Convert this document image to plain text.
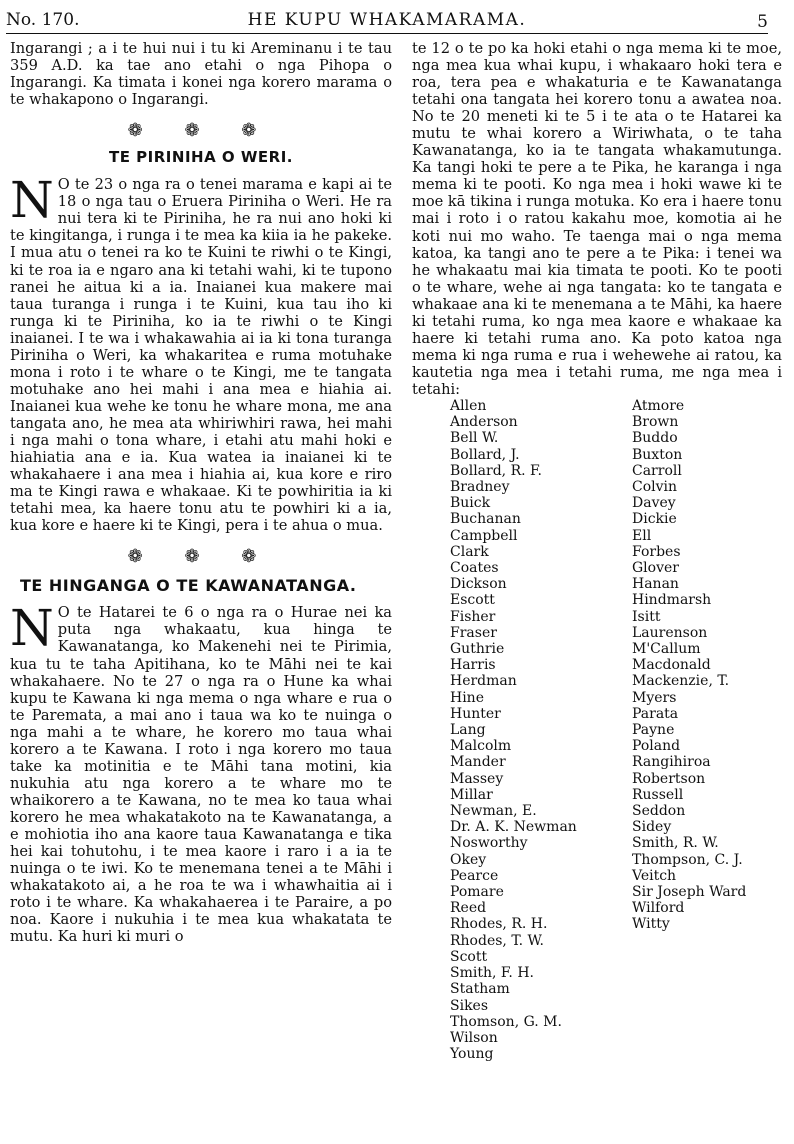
No. 170.	HE KUPU WHAKAMARAMA.	5

Ingarangi ; a i te hui nui i tu ki Areminanu i te tau 359 A.D. ka tae ano etahi o nga Pihopa o Ingarangi. Ka timata i konei nga korero marama o te whakapono o Ingarangi.

❁ ❁ ❁
TE PIRINIHA O WERI.

N O te 23 o nga ra o tenei marama e kapi ai te 18 o nga tau o Eruera Piriniha o Weri. He ra nui tera ki te Piriniha, he ra nui ano hoki ki te kingitanga, i runga i te mea ka kiia ia he pakeke. I mua atu o tenei ra ko te Kuini te riwhi o te Kingi, ki te roa ia e ngaro ana ki tetahi wahi, ki te tupono ranei he aitua ki a ia. Inaianei kua makere mai taua turanga i runga i te Kuini, kua tau iho ki runga ki te Piriniha, ko ia te riwhi o te Kingi inaianei. I te wa i whakawahia ai ia ki tona turanga Piriniha o Weri, ka whakaritea e ruma motuhake mona i roto i te whare o te Kingi, me te tangata motuhake ano hei mahi i ana mea e hiahia ai. Inaianei kua wehe ke tonu he whare mona, me ana tangata ano, he mea ata whiriwhiri rawa, hei mahi i nga mahi o tona whare, i etahi atu mahi hoki e hiahiatia ana e ia. Kua watea ia inaianei ki te whakahaere i ana mea i hiahia ai, kua kore e riro ma te Kingi rawa e whakaae. Ki te powhiritia ia ki tetahi mea, ka haere tonu atu te powhiri ki a ia, kua kore e haere ki te Kingi, pera i te ahua o mua.

❁ ❁ ❁
TE HINGANGA O TE KAWANATANGA.

N O te Hatarei te 6 o nga ra o Hurae nei ka puta nga whakaatu, kua hinga te Kawanatanga, ko Makenehi nei te Pirimia, kua tu te taha Apitihana, ko te Māhi nei te kai whakahaere. No te 27 o nga ra o Hune ka whai kupu te Kawana ki nga mema o nga whare e rua o te Paremata, a mai ano i taua wa ko te nuinga o nga mahi a te whare, he korero mo taua whai korero a te Kawana. I roto i nga korero mo taua take ka motinitia e te Māhi tana motini, kia nukuhia atu nga korero a te whare mo te whaikorero a te Kawana, no te mea ko taua whai korero he mea whakatakoto na te Kawanatanga, a e mohiotia iho ana kaore taua Kawanatanga e tika hei kai tohutohu, i te mea kaore i raro i a ia te nuinga o te iwi. Ko te menemana tenei a te Māhi i whakatakoto ai, a he roa te wa i whawhaitia ai i roto i te whare. Ka whakahaerea i te Paraire, a po noa. Kaore i nukuhia i te mea kua whakatata te mutu. Ka huri ki muri o

te 12 o te po ka hoki etahi o nga mema ki te moe, nga mea kua whai kupu, i whakaaro hoki tera e roa, tera pea e whakaturia e te Kawanatanga tetahi ona tangata hei korero tonu a awatea noa. No te 20 meneti ki te 5 i te ata o te Hatarei ka mutu te whai korero a Wiriwhata, o te taha Kawanatanga, ko ia te tangata whakamutunga. Ka tangi hoki te pere a te Pika, he karanga i nga mema ki te pooti. Ko nga mea i hoki wawe ki te moe kā tikina i runga motuka. Ko era i haere tonu mai i roto i o ratou kakahu moe, komotia ai he koti nui mo waho. Te taenga mai o nga mema katoa, ka tangi ano te pere a te Pika: i tenei wa he whakaatu mai kia timata te pooti. Ko te pooti o te whare, wehe ai nga tangata: ko te tangata e whakaae ana ki te menemana a te Māhi, ka haere ki tetahi ruma, ko nga mea kaore e whakaae ka haere ki tetahi ruma ano. Ka poto katoa nga mema ki nga ruma e rua i wehewehe ai ratou, ka kautetia nga mea i tetahi ruma, me nga mea i tetahi:

Allen
Anderson
Bell W.
Bollard, J.
Bollard, R. F.
Bradney
Buick
Buchanan
Campbell
Clark
Coates
Dickson
Escott
Fisher
Fraser
Guthrie
Harris
Herdman
Hine
Hunter
Lang
Malcolm
Mander
Massey
Millar
Newman, E.
Dr. A. K. Newman
Nosworthy
Okey
Pearce
Pomare
Reed
Rhodes, R. H.
Rhodes, T. W.
Scott
Smith, F. H.
Statham
Sikes
Thomson, G. M.
Wilson
Young
Atmore
Brown
Buddo
Buxton
Carroll
Colvin
Davey
Dickie
Ell
Forbes
Glover
Hanan
Hindmarsh
Isitt
Laurenson
M'Callum
Macdonald
Mackenzie, T.
Myers
Parata
Payne
Poland
Rangihiroa
Robertson
Russell
Seddon
Sidey
Smith, R. W.
Thompson, C. J.
Veitch
Sir Joseph Ward
Wilford
Witty
